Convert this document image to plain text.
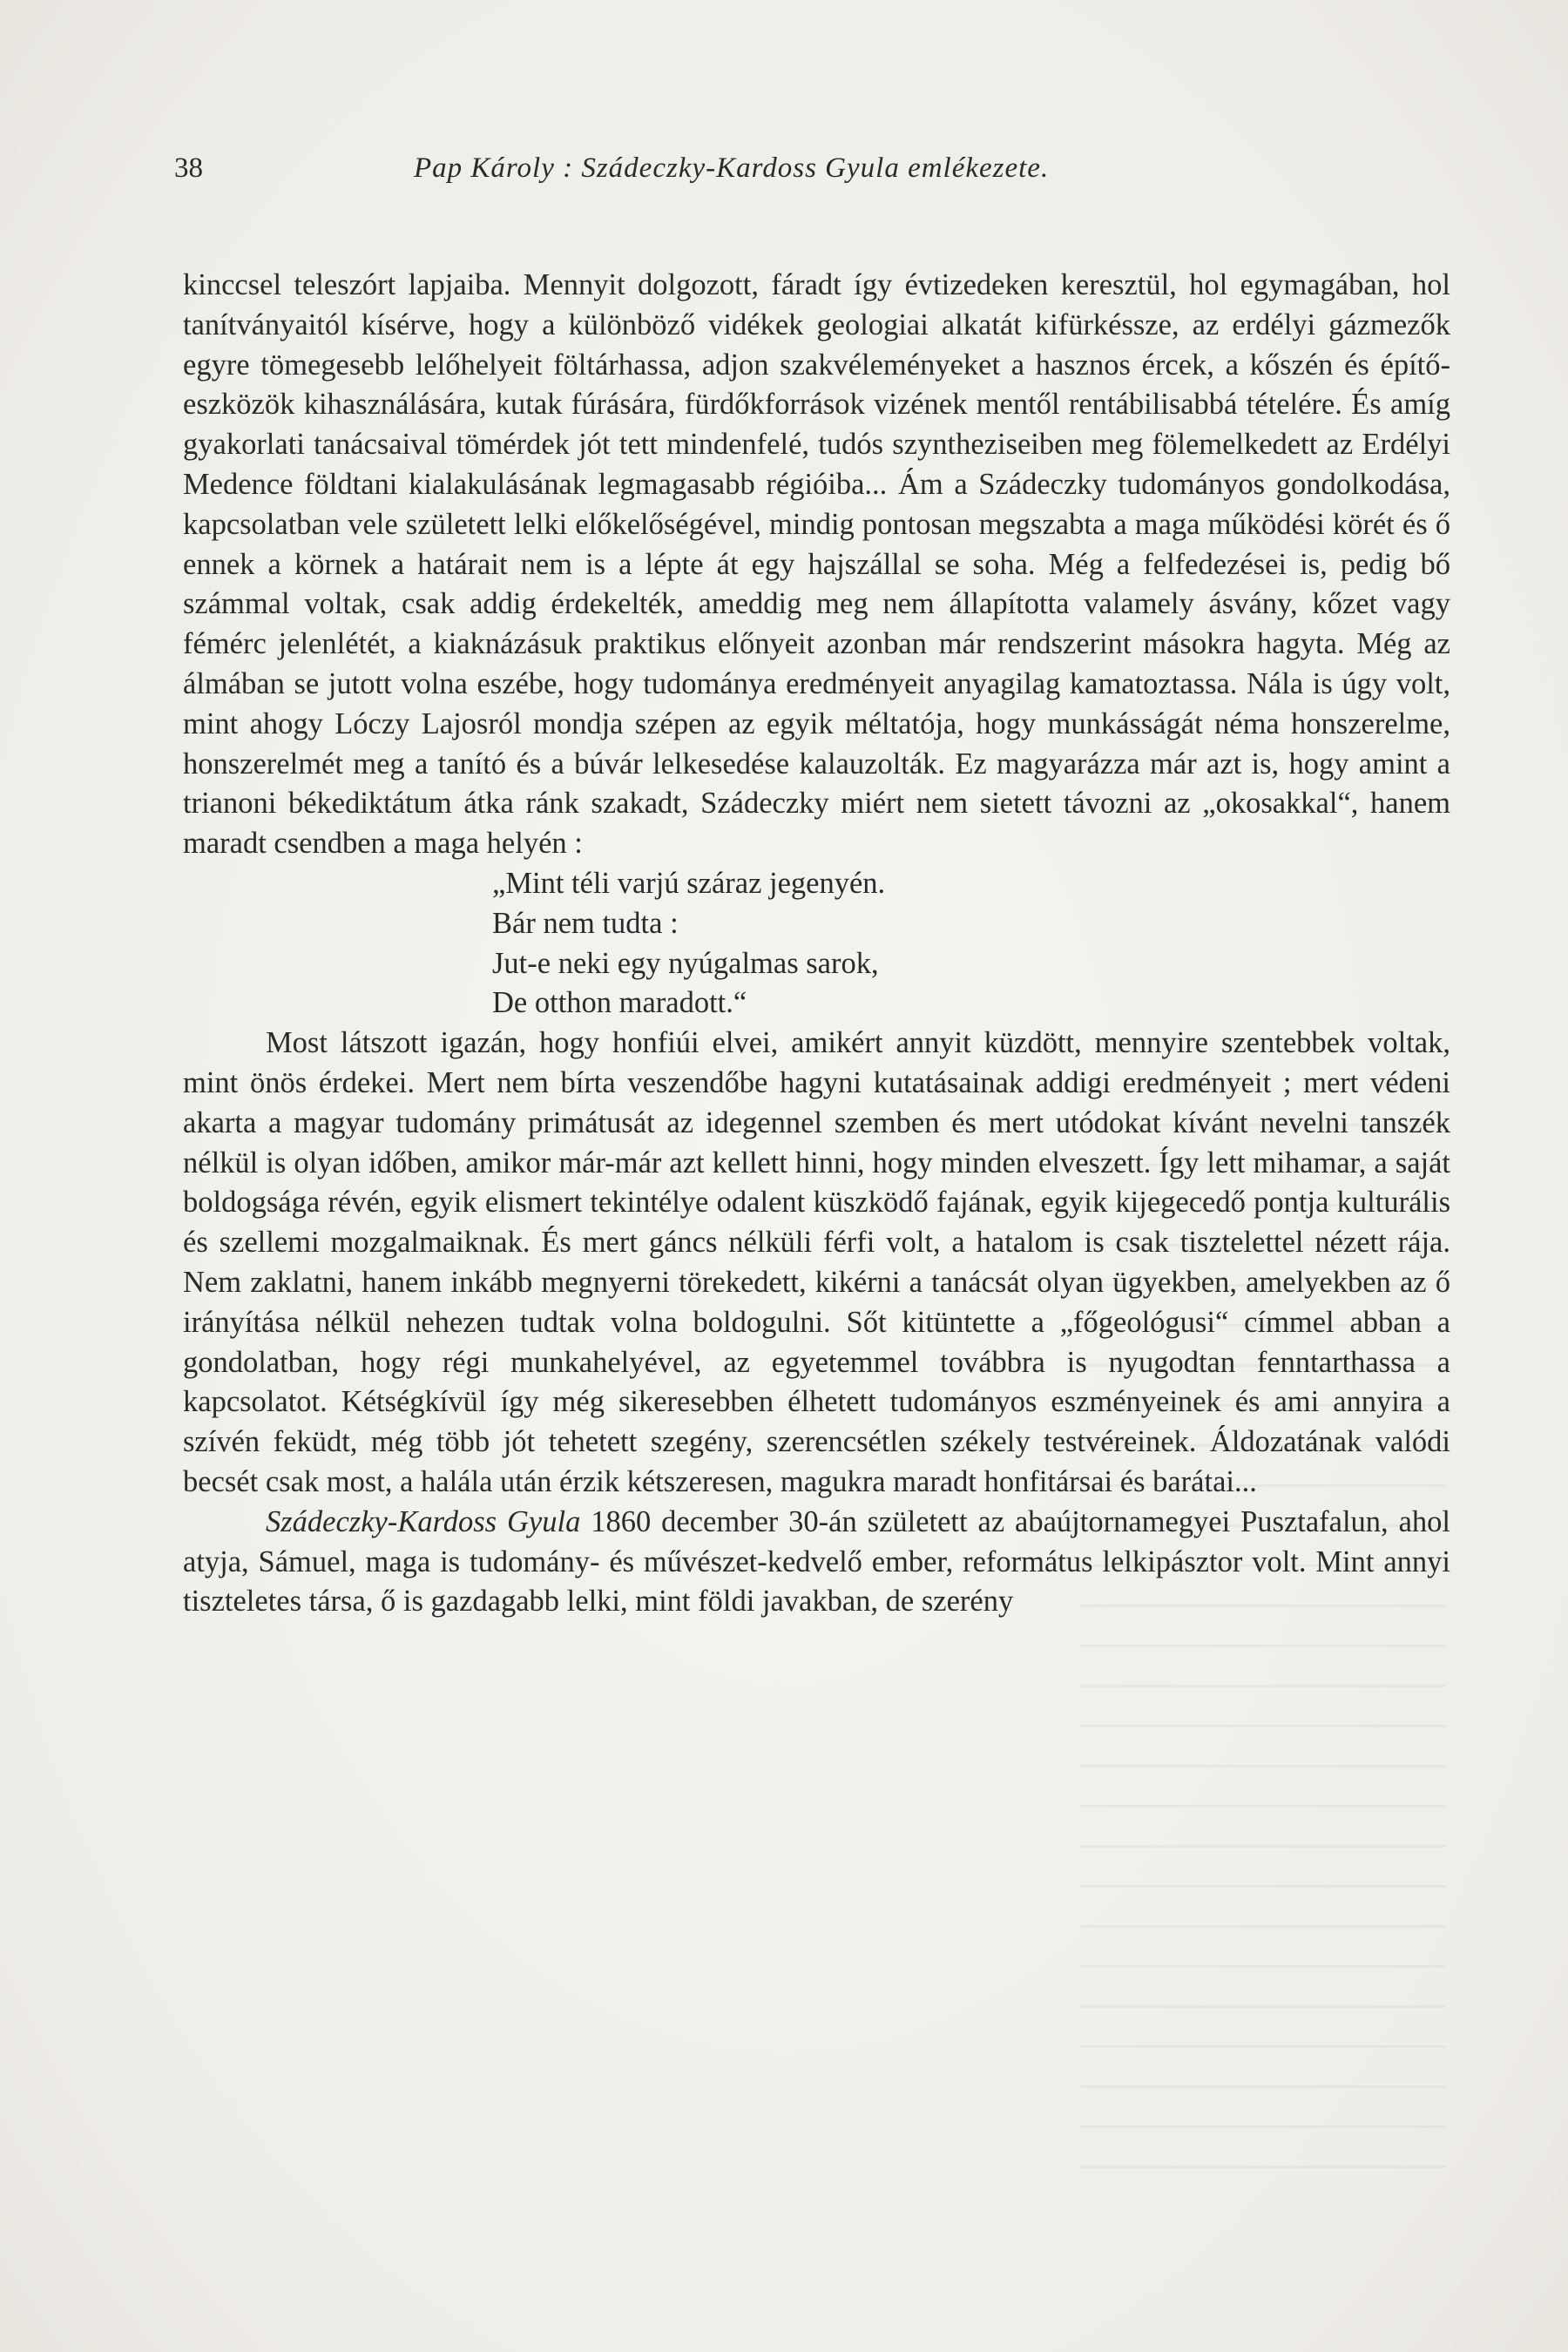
38	Pap Károly : Szádeczky-Kardoss Gyula emlékezete.

kinccsel teleszórt lapjaiba. Mennyit dolgozott, fáradt így évtizedeken keresztül, hol egymagában, hol tanítványaitól kísérve, hogy a különböző vidékek geologiai alkatát kifürkéssze, az erdélyi gázmezők egyre tömegesebb lelőhelyeit föltárhassa, adjon szakvéleményeket a hasznos ércek, a kőszén és építő-eszközök kihasználására, kutak fúrására, fürdőkforrások vizének mentől rentábilisabbá tételére. És amíg gyakorlati tanácsaival tömérdek jót tett mindenfelé, tudós szyntheziseiben meg fölemelkedett az Erdélyi Medence földtani kialakulásának legmagasabb régióiba... Ám a Szádeczky tudományos gondolkodása, kapcsolatban vele született lelki előkelőségével, mindig pontosan megszabta a maga működési körét és ő ennek a körnek a határait nem is a lépte át egy hajszállal se soha. Még a felfedezései is, pedig bő számmal voltak, csak addig érdekelték, ameddig meg nem állapította valamely ásvány, kőzet vagy fémérc jelenlétét, a kiaknázásuk praktikus előnyeit azonban már rendszerint másokra hagyta. Még az álmában se jutott volna eszébe, hogy tudománya eredményeit anyagilag kamatoztassa. Nála is úgy volt, mint ahogy Lóczy Lajosról mondja szépen az egyik méltatója, hogy munkásságát néma honszerelme, honszerelmét meg a tanító és a búvár lelkesedése kalauzolták. Ez magyarázza már azt is, hogy amint a trianoni békediktátum átka ránk szakadt, Szádeczky miért nem sietett távozni az „okosakkal“, hanem maradt csendben a maga helyén :

„Mint téli varjú száraz jegenyén.
Bár nem tudta :
Jut-e neki egy nyúgalmas sarok,
De otthon maradott.“

Most látszott igazán, hogy honfiúi elvei, amikért annyit küzdött, mennyire szentebbek voltak, mint önös érdekei. Mert nem bírta veszendőbe hagyni kutatásainak addigi eredményeit ; mert védeni akarta a magyar tudomány primátusát az idegennel szemben és mert utódokat kívánt nevelni tanszék nélkül is olyan időben, amikor már-már azt kellett hinni, hogy minden elveszett. Így lett mihamar, a saját boldogsága révén, egyik elismert tekintélye odalent küszködő fajának, egyik kijegecedő pontja kulturális és szellemi mozgalmaiknak. És mert gáncs nélküli férfi volt, a hatalom is csak tisztelettel nézett rája. Nem zaklatni, hanem inkább megnyerni törekedett, kikérni a tanácsát olyan ügyekben, amelyekben az ő irányítása nélkül nehezen tudtak volna boldogulni. Sőt kitüntette a „főgeológusi“ címmel abban a gondolatban, hogy régi munkahelyével, az egyetemmel továbbra is nyugodtan fenntarthassa a kapcsolatot. Kétségkívül így még sikeresebben élhetett tudományos eszményeinek és ami annyira a szívén feküdt, még több jót tehetett szegény, szerencsétlen székely testvéreinek. Áldozatának valódi becsét csak most, a halála után érzik kétszeresen, magukra maradt honfitársai és barátai...

Szádeczky-Kardoss Gyula 1860 december 30-án született az abaújtornamegyei Pusztafalun, ahol atyja, Sámuel, maga is tudomány- és művészet-kedvelő ember, református lelkipásztor volt. Mint annyi tiszteletes társa, ő is gazdagabb lelki, mint földi javakban, de szerény
